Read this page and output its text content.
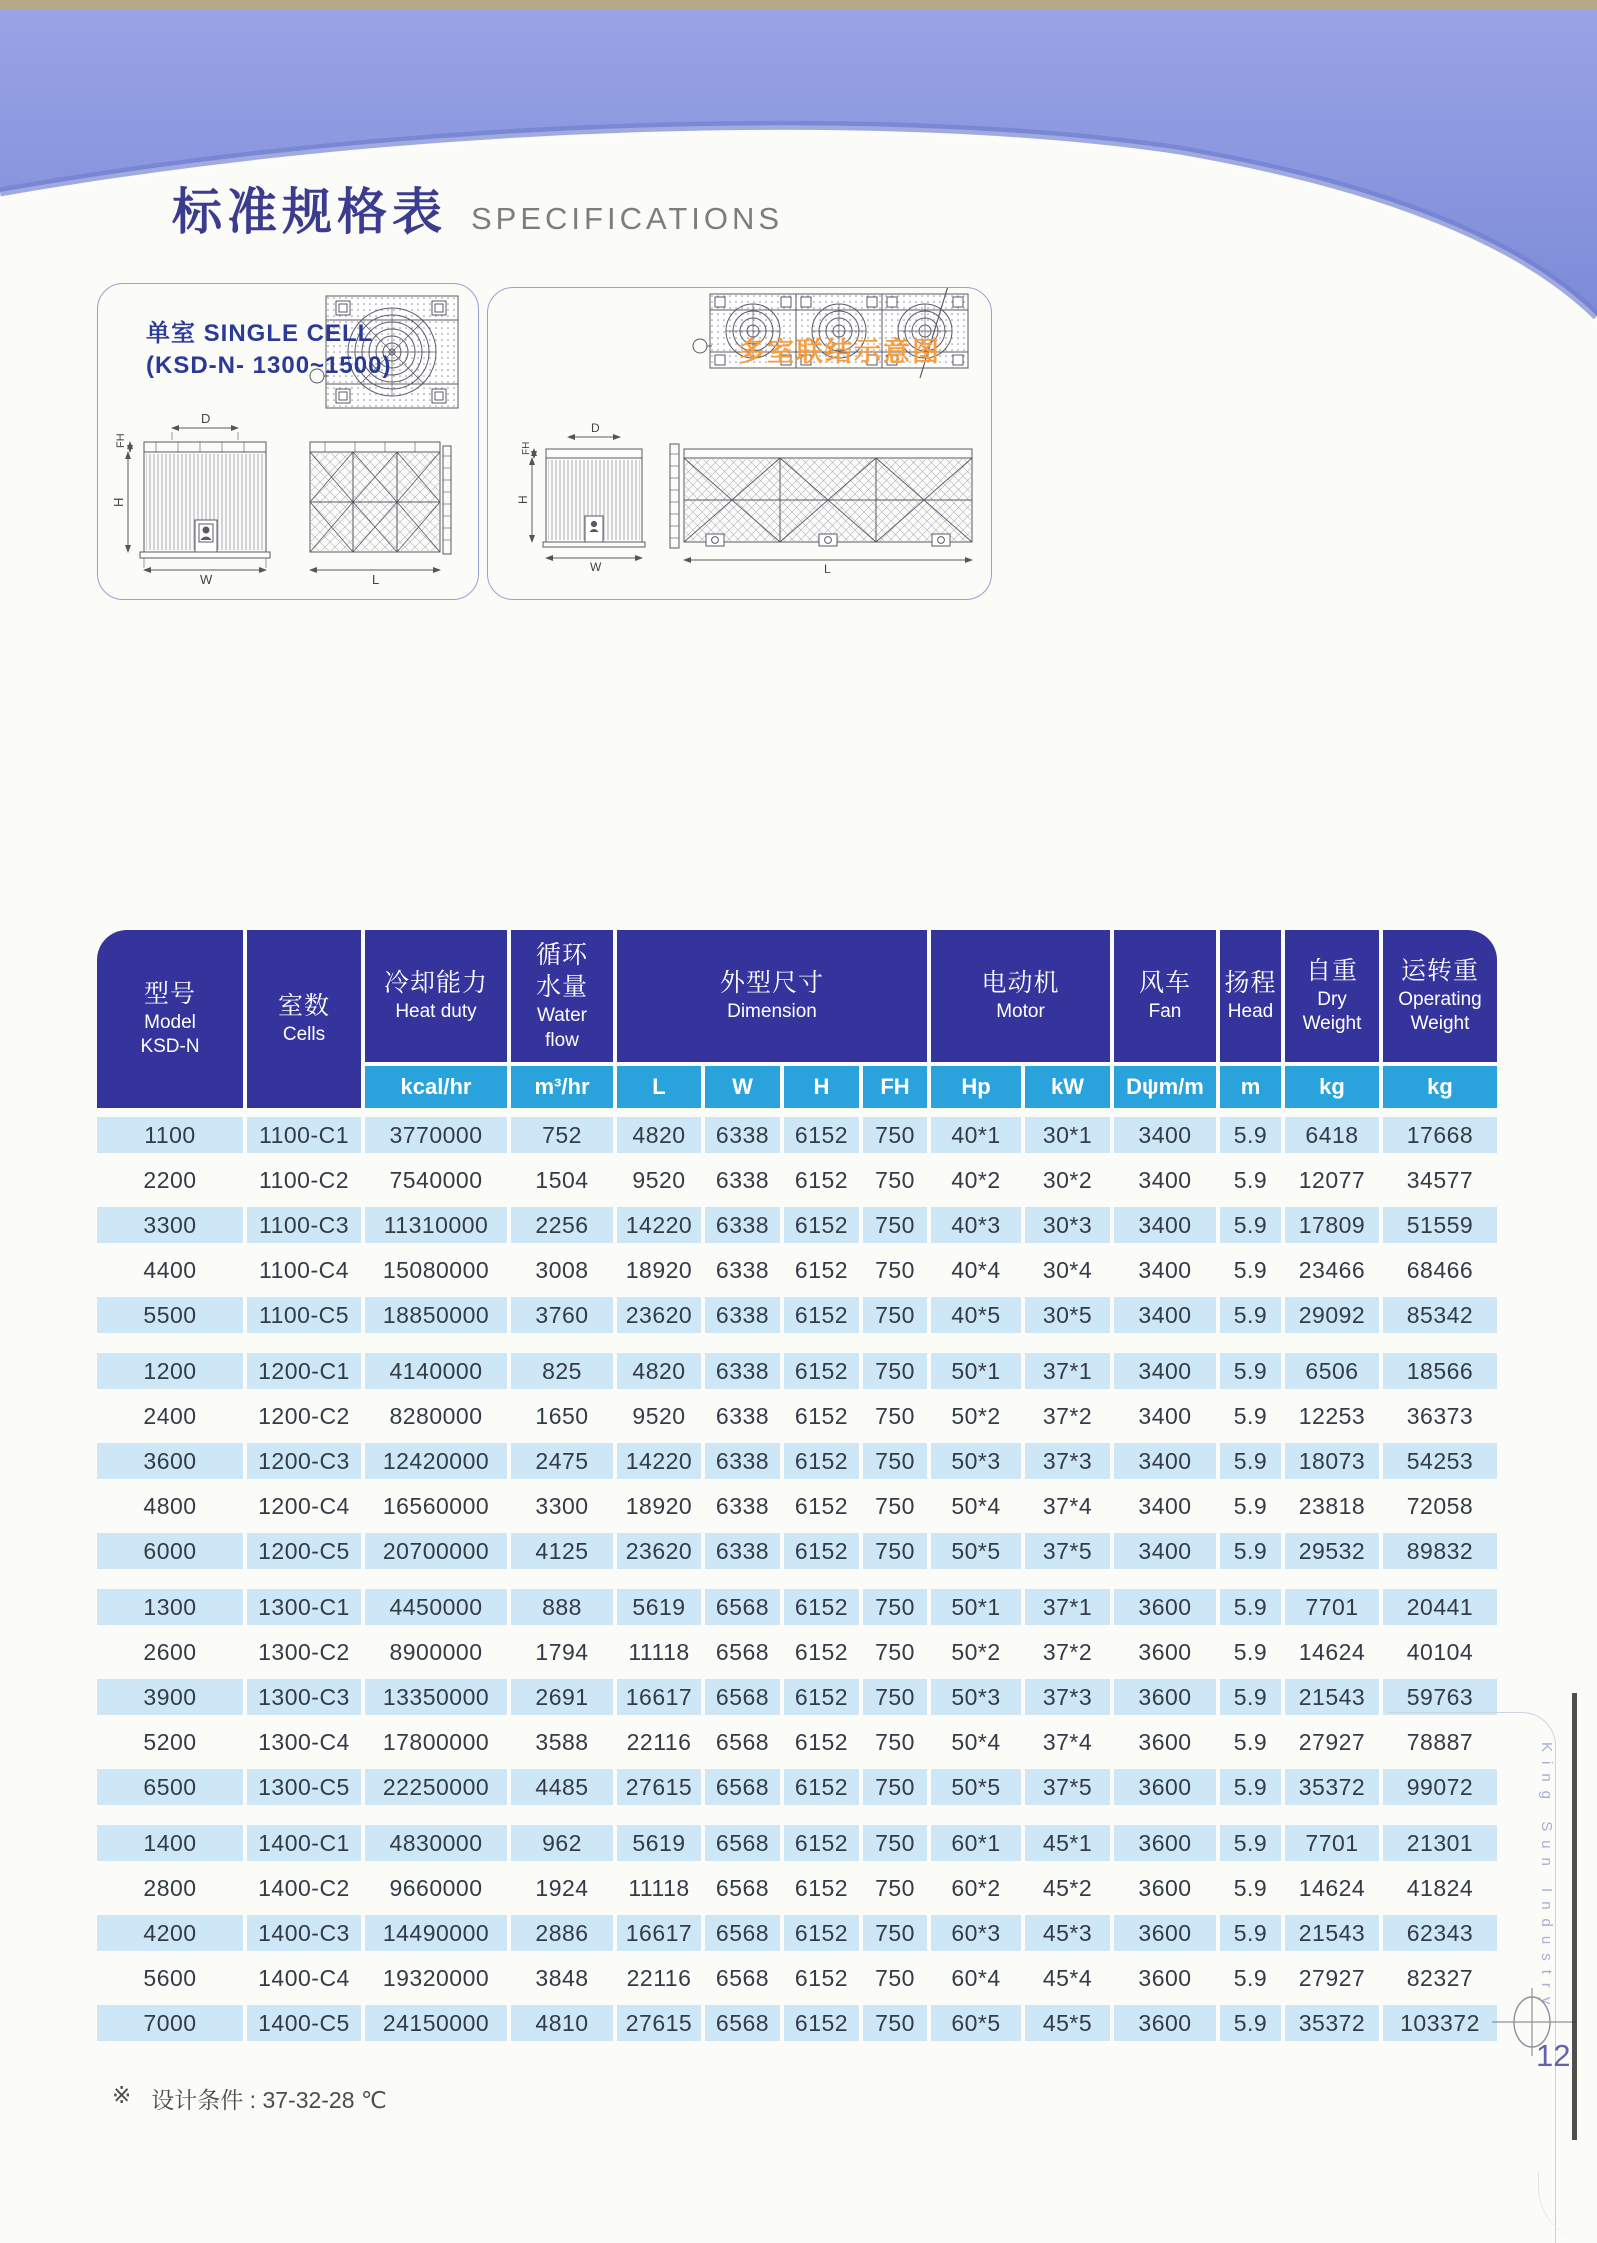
标准规格表 SPECIFICATIONS
D
FH
H
W	L
单室 SINGLE CELL
(KSD-N- 1300~1500)
D
FH
H
W	L
多室联结示意图
型号
Model
KSD-N
室数
Cells
冷却能力
Heat duty
循环水量
Water flow
外型尺寸
Dimension
电动机
Motor
风车
Fan
扬程
Head
自重
Dry Weight
运转重
Operating Weight
kcal/hr	m³/hr	L	W	H	FH	Hp	kW	Dψm/m	m	kg	kg
1100	1100-C1	3770000	752	4820	6338	6152	750	40*1	30*1	3400	5.9	6418	17668
2200	1100-C2	7540000	1504	9520	6338	6152	750	40*2	30*2	3400	5.9	12077	34577
3300	1100-C3	11310000	2256	14220	6338	6152	750	40*3	30*3	3400	5.9	17809	51559
4400	1100-C4	15080000	3008	18920	6338	6152	750	40*4	30*4	3400	5.9	23466	68466
5500	1100-C5	18850000	3760	23620	6338	6152	750	40*5	30*5	3400	5.9	29092	85342
1200	1200-C1	4140000	825	4820	6338	6152	750	50*1	37*1	3400	5.9	6506	18566
2400	1200-C2	8280000	1650	9520	6338	6152	750	50*2	37*2	3400	5.9	12253	36373
3600	1200-C3	12420000	2475	14220	6338	6152	750	50*3	37*3	3400	5.9	18073	54253
4800	1200-C4	16560000	3300	18920	6338	6152	750	50*4	37*4	3400	5.9	23818	72058
6000	1200-C5	20700000	4125	23620	6338	6152	750	50*5	37*5	3400	5.9	29532	89832
1300	1300-C1	4450000	888	5619	6568	6152	750	50*1	37*1	3600	5.9	7701	20441
2600	1300-C2	8900000	1794	11118	6568	6152	750	50*2	37*2	3600	5.9	14624	40104
3900	1300-C3	13350000	2691	16617	6568	6152	750	50*3	37*3	3600	5.9	21543	59763
5200	1300-C4	17800000	3588	22116	6568	6152	750	50*4	37*4	3600	5.9	27927	78887
6500	1300-C5	22250000	4485	27615	6568	6152	750	50*5	37*5	3600	5.9	35372	99072
1400	1400-C1	4830000	962	5619	6568	6152	750	60*1	45*1	3600	5.9	7701	21301
2800	1400-C2	9660000	1924	11118	6568	6152	750	60*2	45*2	3600	5.9	14624	41824
4200	1400-C3	14490000	2886	16617	6568	6152	750	60*3	45*3	3600	5.9	21543	62343
5600	1400-C4	19320000	3848	22116	6568	6152	750	60*4	45*4	3600	5.9	27927	82327
7000	1400-C5	24150000	4810	27615	6568	6152	750	60*5	45*5	3600	5.9	35372	103372
※ 设计条件 : 37-32-28 ℃
King Sun Industry
12
